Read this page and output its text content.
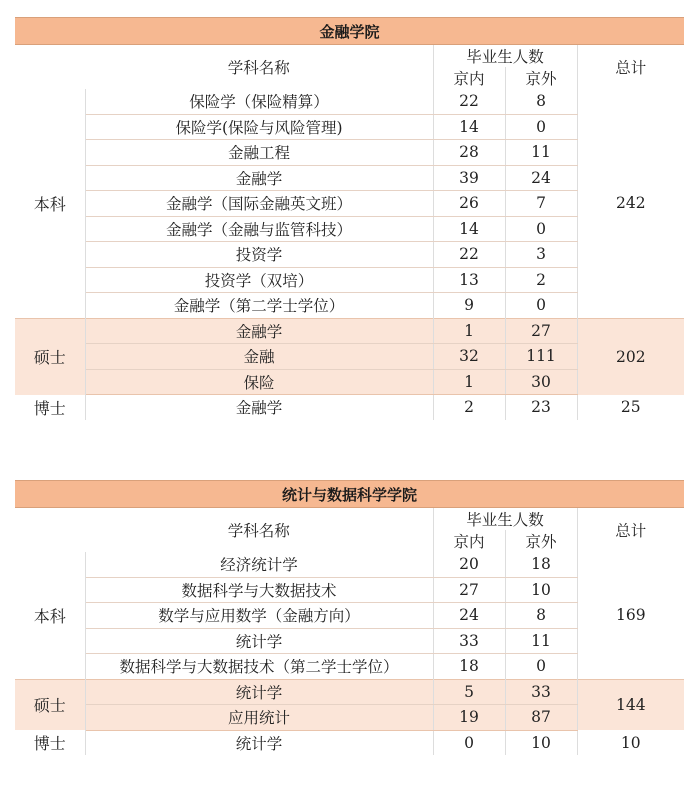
金融学院
	学科名称	毕业生人数		总计
		京内	京外	
本科	保险学（保险精算）	22	8	242
	保险学(保险与风险管理)	14	0	
	金融工程	28	11	
	金融学	39	24	
	金融学（国际金融英文班）	26	7	
	金融学（金融与监管科技）	14	0	
	投资学	22	3	
	投资学（双培）	13	2	
	金融学（第二学士学位）	9	0	
硕士	金融学	1	27	202
	金融	32	111	
	保险	1	30	
博士	金融学	2	23	25
统计与数据科学学院
	学科名称	毕业生人数		总计
		京内	京外	
本科	经济统计学	20	18	169
	数据科学与大数据技术	27	10	
	数学与应用数学（金融方向）	24	8	
	统计学	33	11	
	数据科学与大数据技术（第二学士学位）	18	0	
硕士	统计学	5	33	144
	应用统计	19	87	
博士	统计学	0	10	10
